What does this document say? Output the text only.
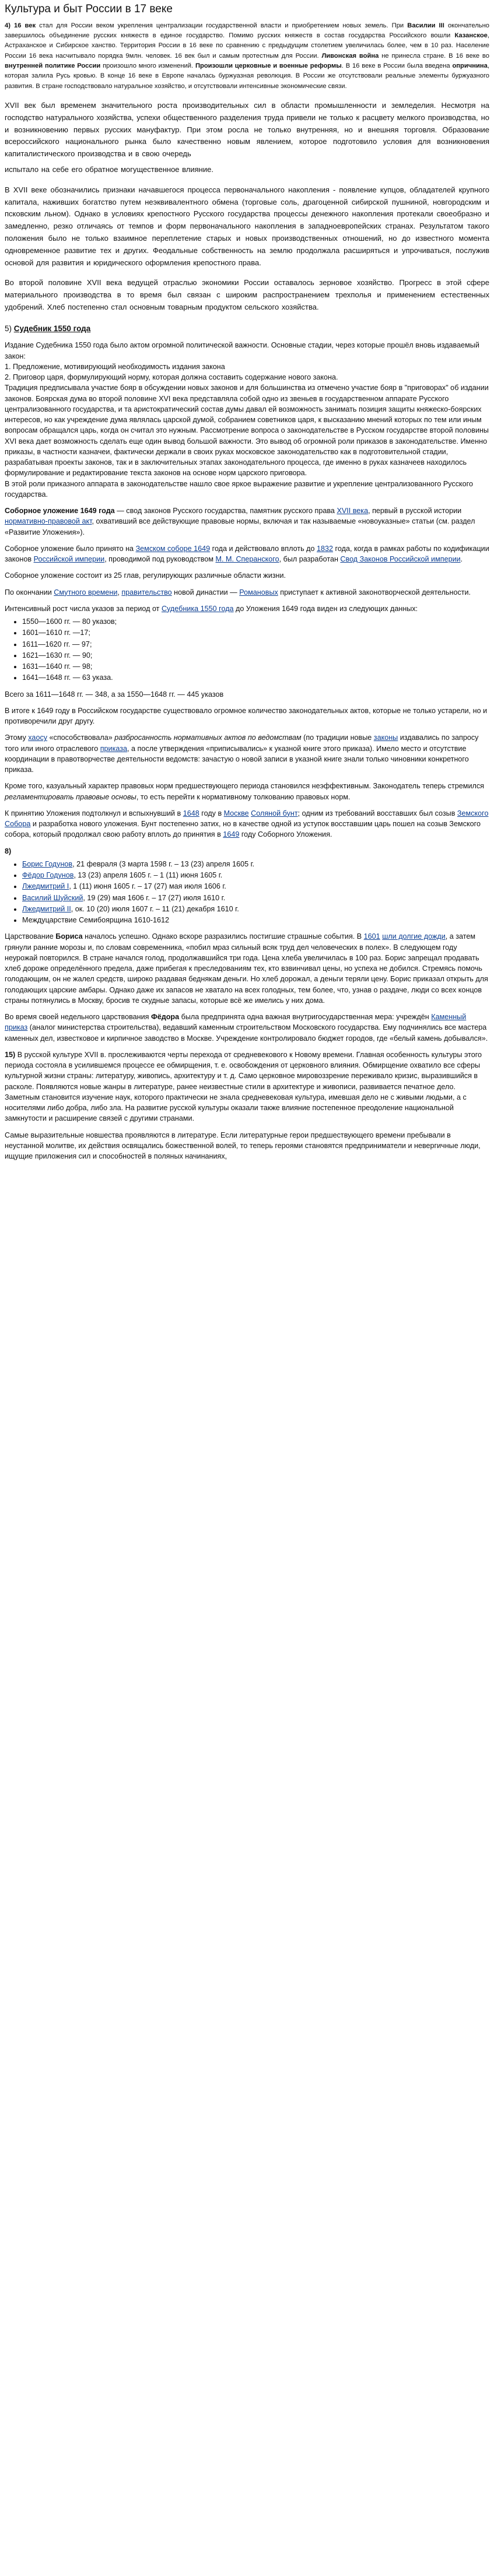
Культура и быт России в 17 веке

4) 16 век стал для России веком укрепления централизации государственной власти и приобретением новых земель. При Василии III окончательно завершилось объединение русских княжеств в единое государство. Помимо русских княжеств в состав государства Российского вошли Казанское, Астраханское и Сибирское ханство. Территория России в 16 веке по сравнению с предыдущим столетием увеличилась более, чем в 10 раз. Население России 16 века насчитывало порядка 9млн. человек. 16 век был и самым протестным для России. Ливонская война не принесла стране. В 16 веке во внутренней политике России произошло много изменений. Произошли церковные и военные реформы. В 16 веке в России была введена опричнина, которая залила Русь кровью. В конце 16 веке в Европе началась буржуазная революция. В России же отсутствовали реальные элементы буржуазного развития. В стране господствовало натуральное хозяйство, и отсутствовали интенсивные экономические связи.

XVII век был временем значительного роста производительных сил в области промышленности и земледелия. Несмотря на господство натурального хозяйства, успехи общественного разделения труда привели не только к расцвету мелкого производства, но и возникновению первых русских мануфактур. При этом росла не только внутренняя, но и внешняя торговля. Образование всероссийского национального рынка было качественно новым явлением, которое подготовило условия для возникновения капиталистического производства и в свою очередь

испытало на себе его обратное могущественное влияние.

В XVII веке обозначились признаки начавшегося процесса первоначального накопления - появление купцов, обладателей крупного капитала, наживших богатство путем неэквивалентного обмена (торговые соль, драгоценной сибирской пушниной, новгородским и псковским льном). Однако в условиях крепостного Русского государства процессы денежного накопления протекали своеобразно и замедленно, резко отличаясь от темпов и форм первоначального накопления в западноевропейских странах. Результатом такого положения было не только взаимное переплетение старых и новых производственных отношений, но до известного момента одновременное развитие тех и других. Феодальные собственность на землю продолжала расширяться и упрочиваться, послужив основой для развития и юридического оформления крепостного права.

Во второй половине XVII века ведущей отраслью экономики России оставалось зерновое хозяйство. Прогресс в этой сфере материального производства в то время был связан с широким распространением трехполья и применением естественных удобрений. Хлеб постепенно стал основным товарным продуктом сельского хозяйства.

5) Судебник 1550 года

Издание Судебника 1550 года было актом огромной политической важности. Основные стадии, через которые прошёл вновь издаваемый закон:
1. Предложение, мотивирующий необходимость издания закона
2. Приговор царя, формулирующий норму, которая должна составить содержание нового закона.
Традиция предписывала участие бояр в обсуждении новых законов и для большинства из отмечено участие бояр в "приговорах" об издании законов. Боярская дума во второй половине XVI века представляла собой одно из звеньев в государственном аппарате Русского централизованного государства, и та аристократический состав думы давал ей возможность занимать позиция защиты княжеско-боярских интересов, но как учреждение дума являлась царской думой, собранием советников царя, к высказанию мнений которых по тем или иным вопросам обращался царь, когда он считал это нужным. Рассмотрение вопроса о законодательстве в Русском государстве второй половины XVI века дает возможность сделать еще один вывод большой важности. Это вывод об огромной роли приказов в законодательстве. Именно приказы, в частности казначеи, фактически держали в своих руках московское законодательство как в подготовительной стадии, разрабатывая проекты законов, так и в заключительных этапах законодательного процесса, где именно в руках казначеев находилось формулирование и редактирование текста законов на основе норм царского приговора.
В этой роли приказного аппарата в законодательстве нашло свое яркое выражение развитие и укрепление централизованного Русского государства.

Соборное уложение 1649 года — свод законов Русского государства, памятник русского права XVII века, первый в русской истории нормативно-правовой акт, охвативший все действующие правовые нормы, включая и так называемые «новоуказные» статьи (см. раздел «Развитие Уложения»).

Соборное уложение было принято на Земском соборе 1649 года и действовало вплоть до 1832 года, когда в рамках работы по кодификации законов Российской империи, проводимой под руководством М. М. Сперанского, был разработан Свод Законов Российской империи.

Соборное уложение состоит из 25 глав, регулирующих различные области жизни.

По окончании Смутного времени, правительство новой династии — Романовых приступает к активной законотворческой деятельности.

Интенсивный рост числа указов за период от Судебника 1550 года до Уложения 1649 года виден из следующих данных:

• 1550—1600 гг. — 80 указов;
• 1601—1610 гг. —17;
• 1611—1620 гг. — 97;
• 1621—1630 гг. — 90;
• 1631—1640 гг. — 98;
• 1641—1648 гг. — 63 указа.

Всего за 1611—1648 гг. — 348, а за 1550—1648 гг. — 445 указов

В итоге к 1649 году в Российском государстве существовало огромное количество законодательных актов, которые не только устарели, но и противоречили друг другу.

Этому хаосу «способствовала» разбросанность нормативных актов по ведомствам (по традиции новые законы издавались по запросу того или иного отраслевого приказа, а после утверждения «приписывались» к указной книге этого приказа). Имело место и отсутствие координации в правотворчестве деятельности ведомств: зачастую о новой записи в указной книге знали только чиновники конкретного приказа.

Кроме того, казуальный характер правовых норм предшествующего периода становился неэффективным. Законодатель теперь стремился регламентировать правовые основы, то есть перейти к нормативному толкованию правовых норм.

К принятию Уложения подтолкнул и вспыхнувший в 1648 году в Москве Соляной бунт; одним из требований восставших был созыв Земского Собора и разработка нового уложения. Бунт постепенно затих, но в качестве одной из уступок восставшим царь пошел на созыв Земского собора, который продолжал свою работу вплоть до принятия в 1649 году Соборного Уложения.

8)
• Борис Годунов, 21 февраля (3 марта 1598 г. – 13 (23) апреля 1605 г.
• Фёдор Годунов, 13 (23) апреля 1605 г. – 1 (11) июня 1605 г.
• Лжедмитрий I, 1 (11) июня 1605 г. – 17 (27) мая июля 1606 г.
• Василий Шуйский, 19 (29) мая 1606 г. – 17 (27) июля 1610 г.
• Лжедмитрий II, ок. 10 (20) июля 1607 г. – 11 (21) декабря 1610 г.
• Междуцарствие Семибоярщина 1610-1612

Царствование Бориса началось успешно. Однако вскоре разразились постигшие страшные события. В 1601 шли долгие дожди, а затем грянули ранние морозы и, по словам современника, «побил мраз сильный всяк труд дел человеческих в полех». В следующем году неурожай повторился. В стране начался голод, продолжавшийся три года. Цена хлеба увеличилась в 100 раз. Борис запрещал продавать хлеб дороже определённого предела, даже прибегая к преследованиям тех, кто взвинчивал цены, но успеха не добился. Стремясь помочь голодающим, он не жалел средств, широко раздавая беднякам деньги. Но хлеб дорожал, а деньги теряли цену. Борис приказал открыть для голодающих царские амбары. Однако даже их запасов не хватало на всех голодных, тем более, что, узнав о раздаче, люди со всех концов страны потянулись в Москву, бросив те скудные запасы, которые всё же имелись у них дома.

Во время своей недельного царствования Фёдора была предпринята одна важная внутригосударственная мера: учреждён Каменный приказ (аналог министерства строительства), ведавший каменным строительством Московского государства. Ему подчинялись все мастера каменных дел, известковое и кирпичное заводство в Москве. Учреждение контролировало бюджет городов, где «белый камень добывался».

15) В русской культуре XVII в. прослеживаются черты перехода от средневекового к Новому времени. Главная особенность культуры этого периода состояла в усилившемся процессе ее обмирщения, т. е. освобождения от церковного влияния. Обмирщение охватило все сферы культурной жизни страны: литературу, живопись, архитектуру и т. д. Само церковное мировоззрение переживало кризис, выразившийся в расколе. Появляются новые жанры в литературе, ранее неизвестные стили в архитектуре и живописи, развивается печатное дело. Заметным становится изучение наук, которого практически не знала средневековая культура, имевшая дело не с живыми людьми, а с носителями либо добра, либо зла. На развитие русской культуры оказали также влияние постепенное преодоление национальной замкнутости и расширение связей с другими странами.

Самые выразительные новшества проявляются в литературе. Если литературные герои предшествующего времени пребывали в неустанной молитве, их действия освящались божественной волей, то теперь героями становятся предприниматели и невергичные люди, ищущие приложения сил и способностей в поляных начинаниях,
